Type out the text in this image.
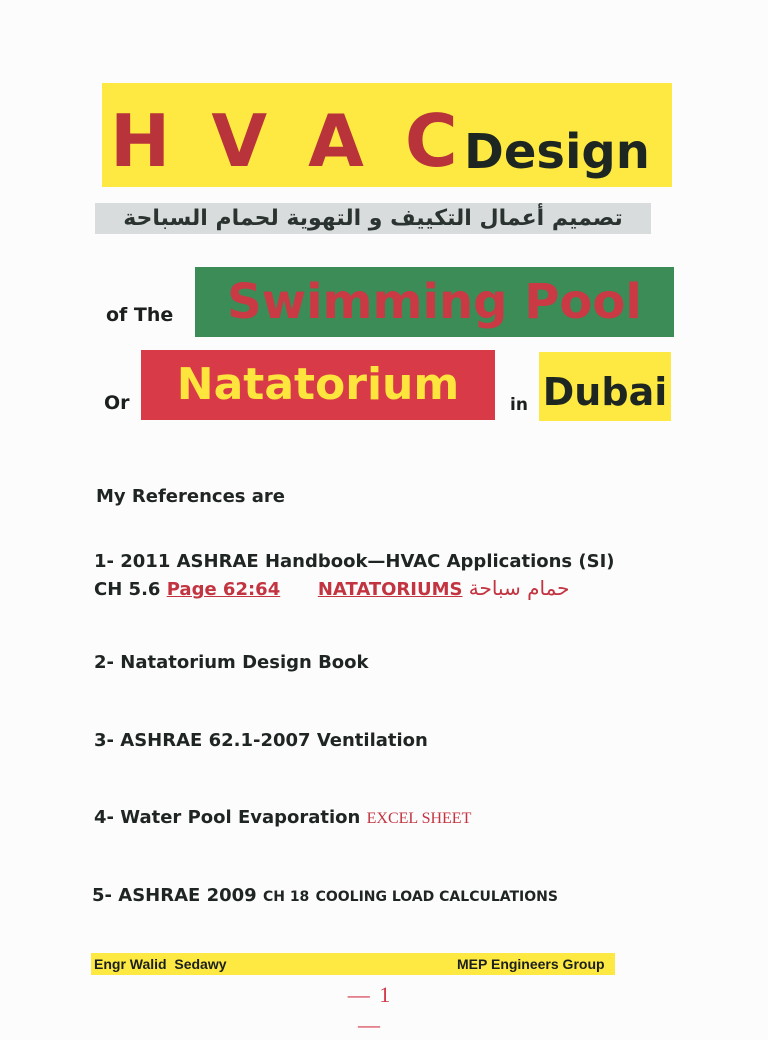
H V A C
Design
تصميم أعمال التكييف و التهوية لحمام السباحة
of The	Swimming Pool
Or	Natatorium	in Dubai
My References are
1- 2011 ASHRAE Handbook—HVAC Applications (SI)
CH 5.6 Page 62:64 NATATORIUMS حمام سباحة
2- Natatorium Design Book
3- ASHRAE 62.1-2007 Ventilation
4- Water Pool Evaporation EXCEL SHEET
5- ASHRAE 2009 CH 18 COOLING LOAD CALCULATIONS
Engr Walid  Sedawy	MEP Engineers Group
— 1 —
